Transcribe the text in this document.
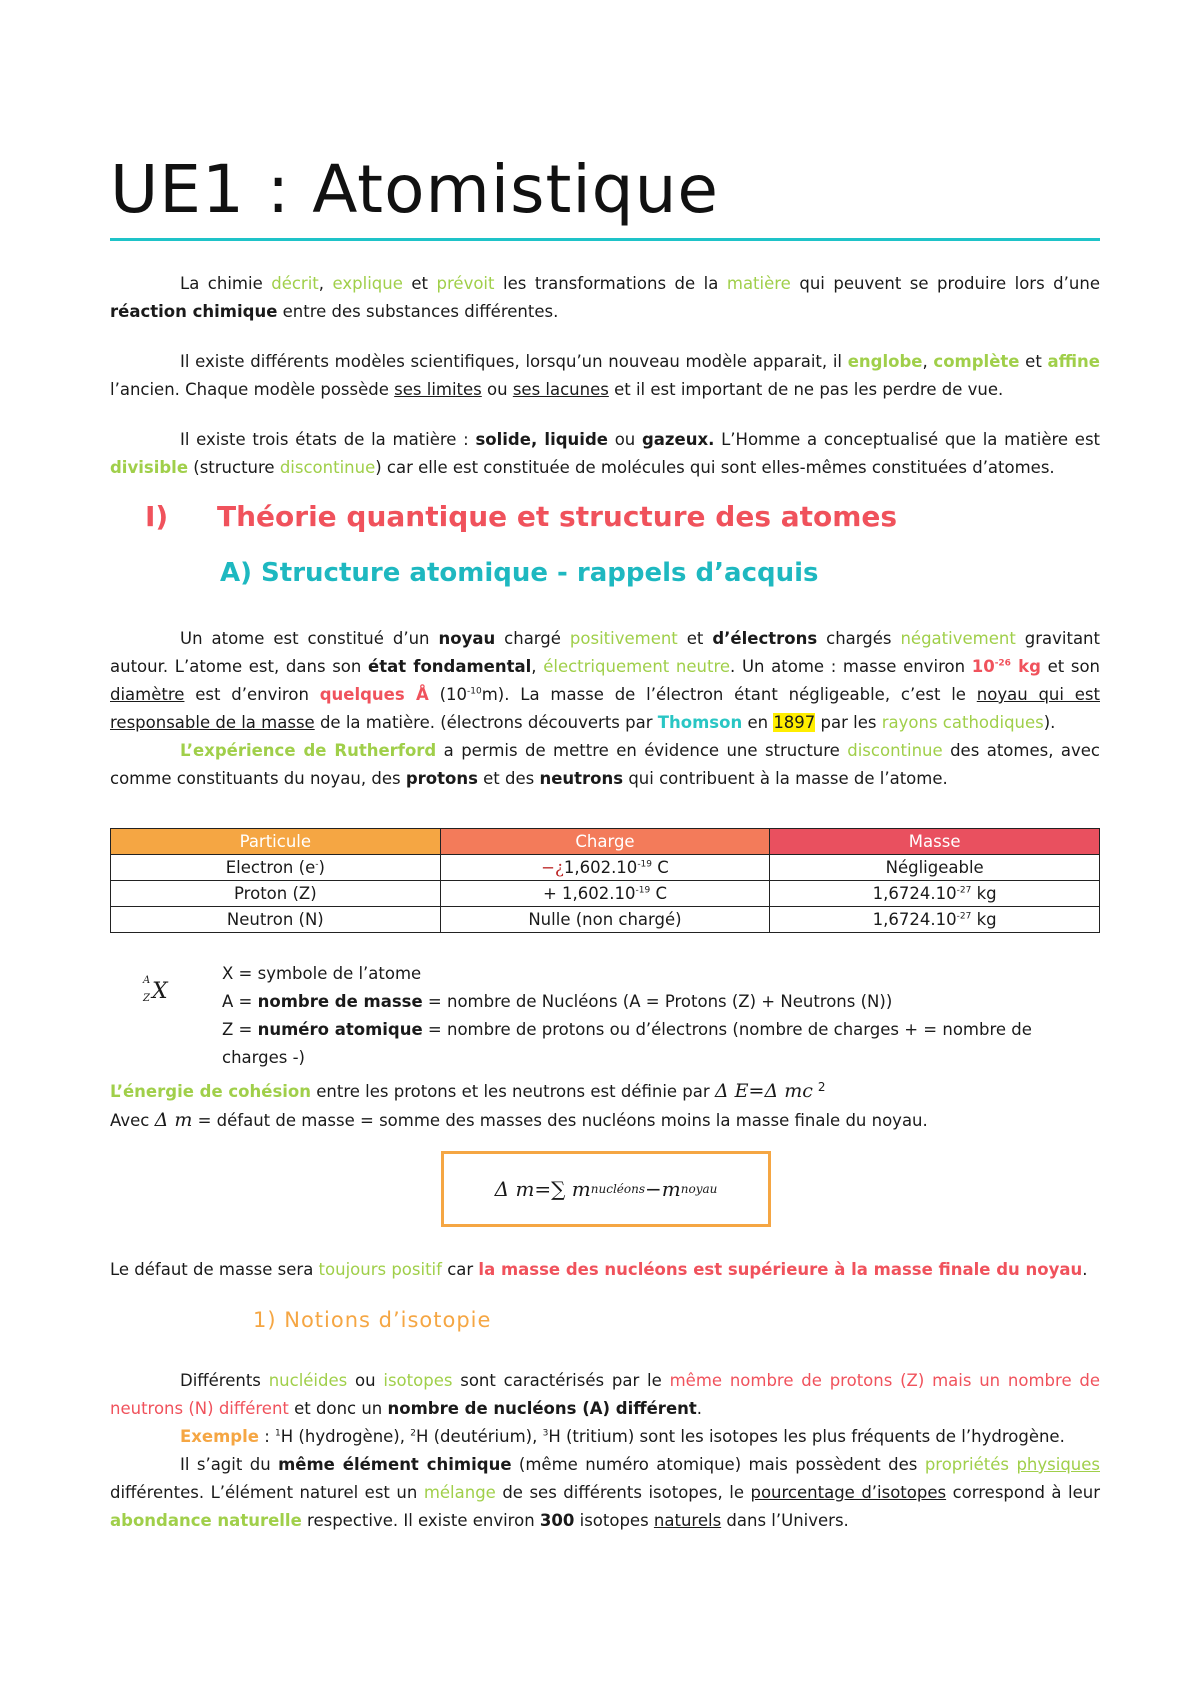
UE1 : Atomistique

La chimie décrit, explique et prévoit les transformations de la matière qui peuvent se produire lors d’une réaction chimique entre des substances différentes.

Il existe différents modèles scientifiques, lorsqu’un nouveau modèle apparait, il englobe, complète et affine l’ancien. Chaque modèle possède ses limites ou ses lacunes et il est important de ne pas les perdre de vue.

Il existe trois états de la matière : solide, liquide ou gazeux. L’Homme a conceptualisé que la matière est divisible (structure discontinue) car elle est constituée de molécules qui sont elles-mêmes constituées d’atomes.

I) Théorie quantique et structure des atomes
A) Structure atomique - rappels d’acquis

Un atome est constitué d’un noyau chargé positivement et d’électrons chargés négativement gravitant autour. L’atome est, dans son état fondamental, électriquement neutre. Un atome : masse environ $10^{-26}$ kg et son diamètre est d’environ quelques Å $(10^{-10}m)$. La masse de l’électron étant négligeable, c’est le noyau qui est responsable de la masse de la matière. (électrons découverts par Thomson en 1897 par les rayons cathodiques).

L’expérience de Rutherford a permis de mettre en évidence une structure discontinue des atomes, avec comme constituants du noyau, des protons et des neutrons qui contribuent à la masse de l’atome.

Particule	Charge	Masse
Electron (e-)	$-¿1,602.10^{-19}$ C	Négligeable
Proton (Z)	+ $1,602.10^{-19}$ C	$1,6724.10^{-27}$ kg
Neutron (N)	Nulle (non chargé)	$1,6724.10^{-27}$ kg
A
Z X
X = symbole de l’atome
A = nombre de masse = nombre de Nucléons (A = Protons (Z) + Neutrons (N))
Z = numéro atomique = nombre de protons ou d’électrons (nombre de charges + = nombre de charges -)

L’énergie de cohésion entre les protons et les neutrons est définie par Δ E=Δ mc $^2$
Avec Δ m = défaut de masse = somme des masses des nucléons moins la masse finale du noyau.

Δ m=∑ m nucléons −m noyau

Le défaut de masse sera toujours positif car la masse des nucléons est supérieure à la masse finale du noyau.

1) Notions d’isotopie

Différents nucléides ou isotopes sont caractérisés par le même nombre de protons (Z) mais un nombre de neutrons (N) différent et donc un nombre de nucléons (A) différent.

Exemple : $^1$H (hydrogène), $^2$H (deutérium), $^3$H (tritium) sont les isotopes les plus fréquents de l’hydrogène.

Il s’agit du même élément chimique (même numéro atomique) mais possèdent des propriétés physiques différentes. L’élément naturel est un mélange de ses différents isotopes, le pourcentage d’isotopes correspond à leur abondance naturelle respective. Il existe environ 300 isotopes naturels dans l’Univers.
